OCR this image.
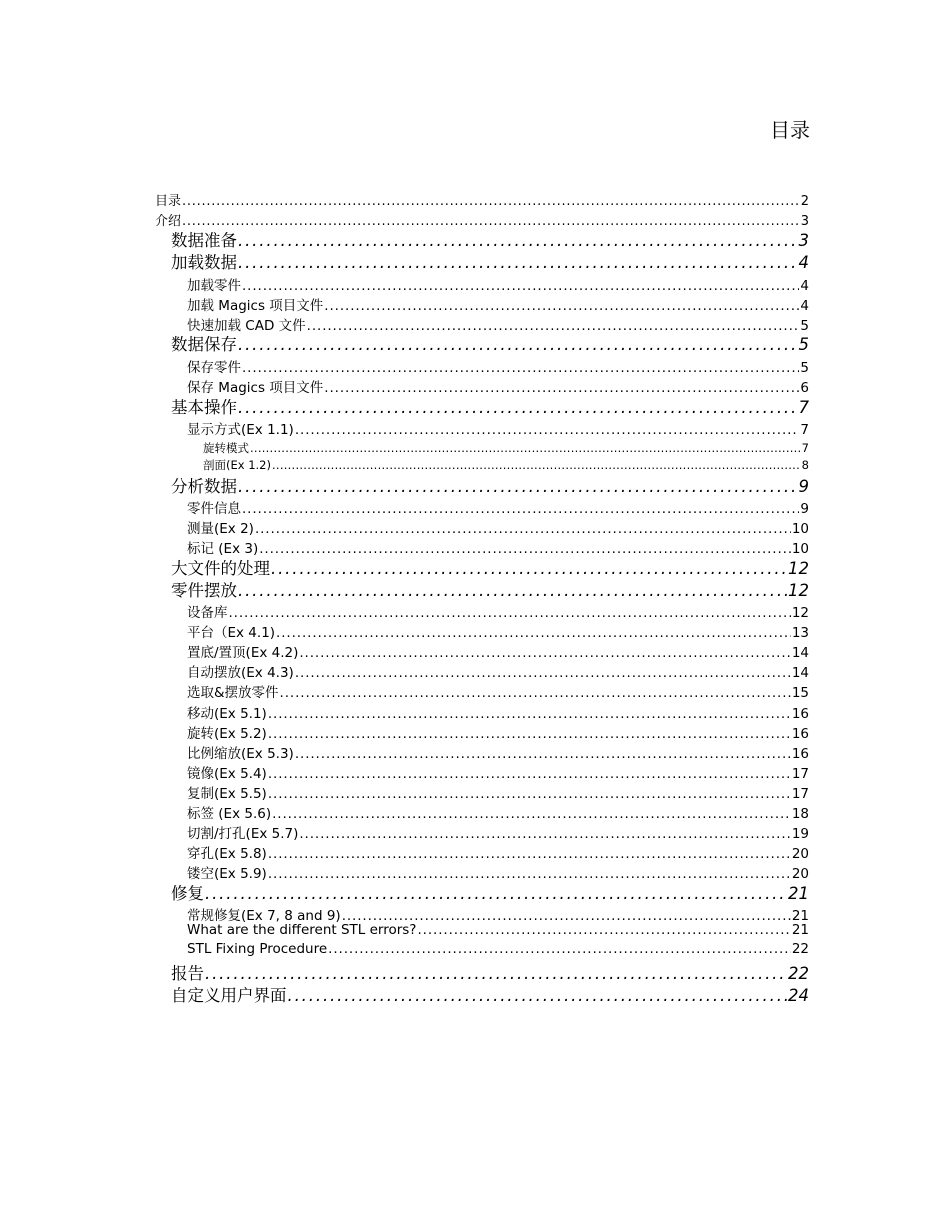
目录
目录 . . .	2
介绍 . . .	3
数据准备 . . .	3
加载数据 . . .	4
加载零件 . . .	4
加载 Magics 项目文件 . . .	4
快速加载 CAD 文件 . . .	5
数据保存 . . .	5
保存零件 . . .	5
保存 Magics 项目文件 . . .	6
基本操作 . . .	7
显示方式(Ex 1.1) . . .	7
旋转模式 . . .	7
剖面(Ex 1.2) . . .	8
分析数据 . . .	9
零件信息 . . .	9
测量(Ex 2) . . .	10
标记 (Ex 3) . . .	10
大文件的处理 . . .	12
零件摆放 . . .	12
设备库 . . .	12
平台（Ex 4.1) . . .	13
置底/置顶(Ex 4.2) . . .	14
自动摆放(Ex 4.3) . . .	14
选取&摆放零件 . . .	15
移动(Ex 5.1) . . .	16
旋转(Ex 5.2) . . .	16
比例缩放(Ex 5.3) . . .	16
镜像(Ex 5.4) . . .	17
复制(Ex 5.5) . . .	17
标签 (Ex 5.6) . . .	18
切割/打孔(Ex 5.7) . . .	19
穿孔(Ex 5.8) . . .	20
镂空(Ex 5.9) . . .	20
修复 . . .	21
常规修复(Ex 7, 8 and 9) . . .	21
What are the different STL errors? . . .	21
STL Fixing Procedure . . .	22
报告 . . .	22
自定义用户界面 . . .	24
